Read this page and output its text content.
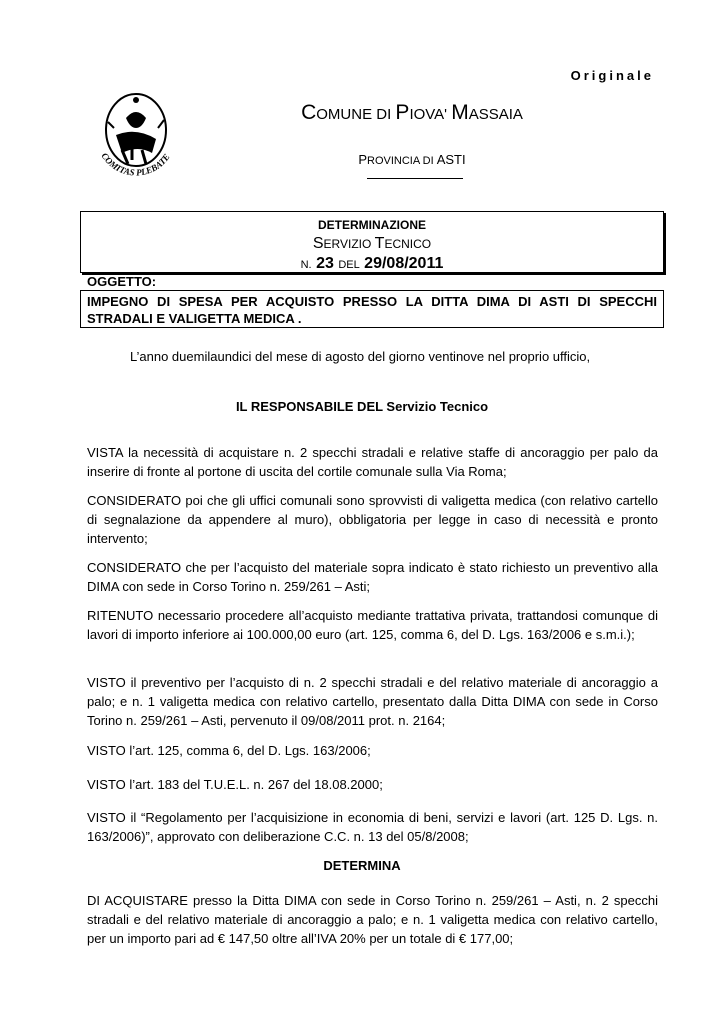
Originale
COMITAS PLEBATE
COMUNE DI PIOVA' MASSAIA
PROVINCIA DI ASTI
DETERMINAZIONE
SERVIZIO TECNICO
N. 23 DEL 29/08/2011
OGGETTO:
IMPEGNO DI SPESA PER ACQUISTO PRESSO LA DITTA DIMA DI ASTI DI SPECCHI STRADALI E VALIGETTA MEDICA .
L’anno duemilaundici del mese di agosto del giorno ventinove nel proprio ufficio,
IL RESPONSABILE DEL Servizio Tecnico
VISTA la necessità di acquistare n. 2 specchi stradali e relative staffe di ancoraggio per palo da inserire di fronte al portone di uscita del cortile comunale sulla Via Roma;
CONSIDERATO poi che gli uffici comunali sono sprovvisti di valigetta medica (con relativo cartello di segnalazione da appendere al muro), obbligatoria per legge in caso di necessità e pronto intervento;
CONSIDERATO che per l’acquisto del materiale sopra indicato è stato richiesto un preventivo alla DIMA con sede in Corso Torino n. 259/261 – Asti;
RITENUTO necessario procedere all’acquisto mediante trattativa privata, trattandosi comunque di lavori di importo inferiore ai 100.000,00 euro (art. 125, comma 6, del D. Lgs. 163/2006 e s.m.i.);
VISTO il preventivo per l’acquisto di n. 2 specchi stradali e del relativo materiale di ancoraggio a palo; e n. 1 valigetta medica con relativo cartello, presentato dalla Ditta DIMA con sede in Corso Torino n. 259/261 – Asti, pervenuto il 09/08/2011 prot. n. 2164;
VISTO l’art. 125, comma 6, del D. Lgs. 163/2006;
VISTO l’art. 183 del T.U.E.L. n. 267 del 18.08.2000;
VISTO il “Regolamento per l’acquisizione in economia di beni, servizi e lavori (art. 125 D. Lgs. n. 163/2006)”, approvato con deliberazione C.C. n. 13 del 05/8/2008;
DETERMINA
DI ACQUISTARE presso la Ditta DIMA con sede in Corso Torino n. 259/261 – Asti, n. 2 specchi stradali e del relativo materiale di ancoraggio a palo; e n. 1 valigetta medica con relativo cartello, per un importo pari ad € 147,50 oltre all’IVA 20% per un totale di € 177,00;
